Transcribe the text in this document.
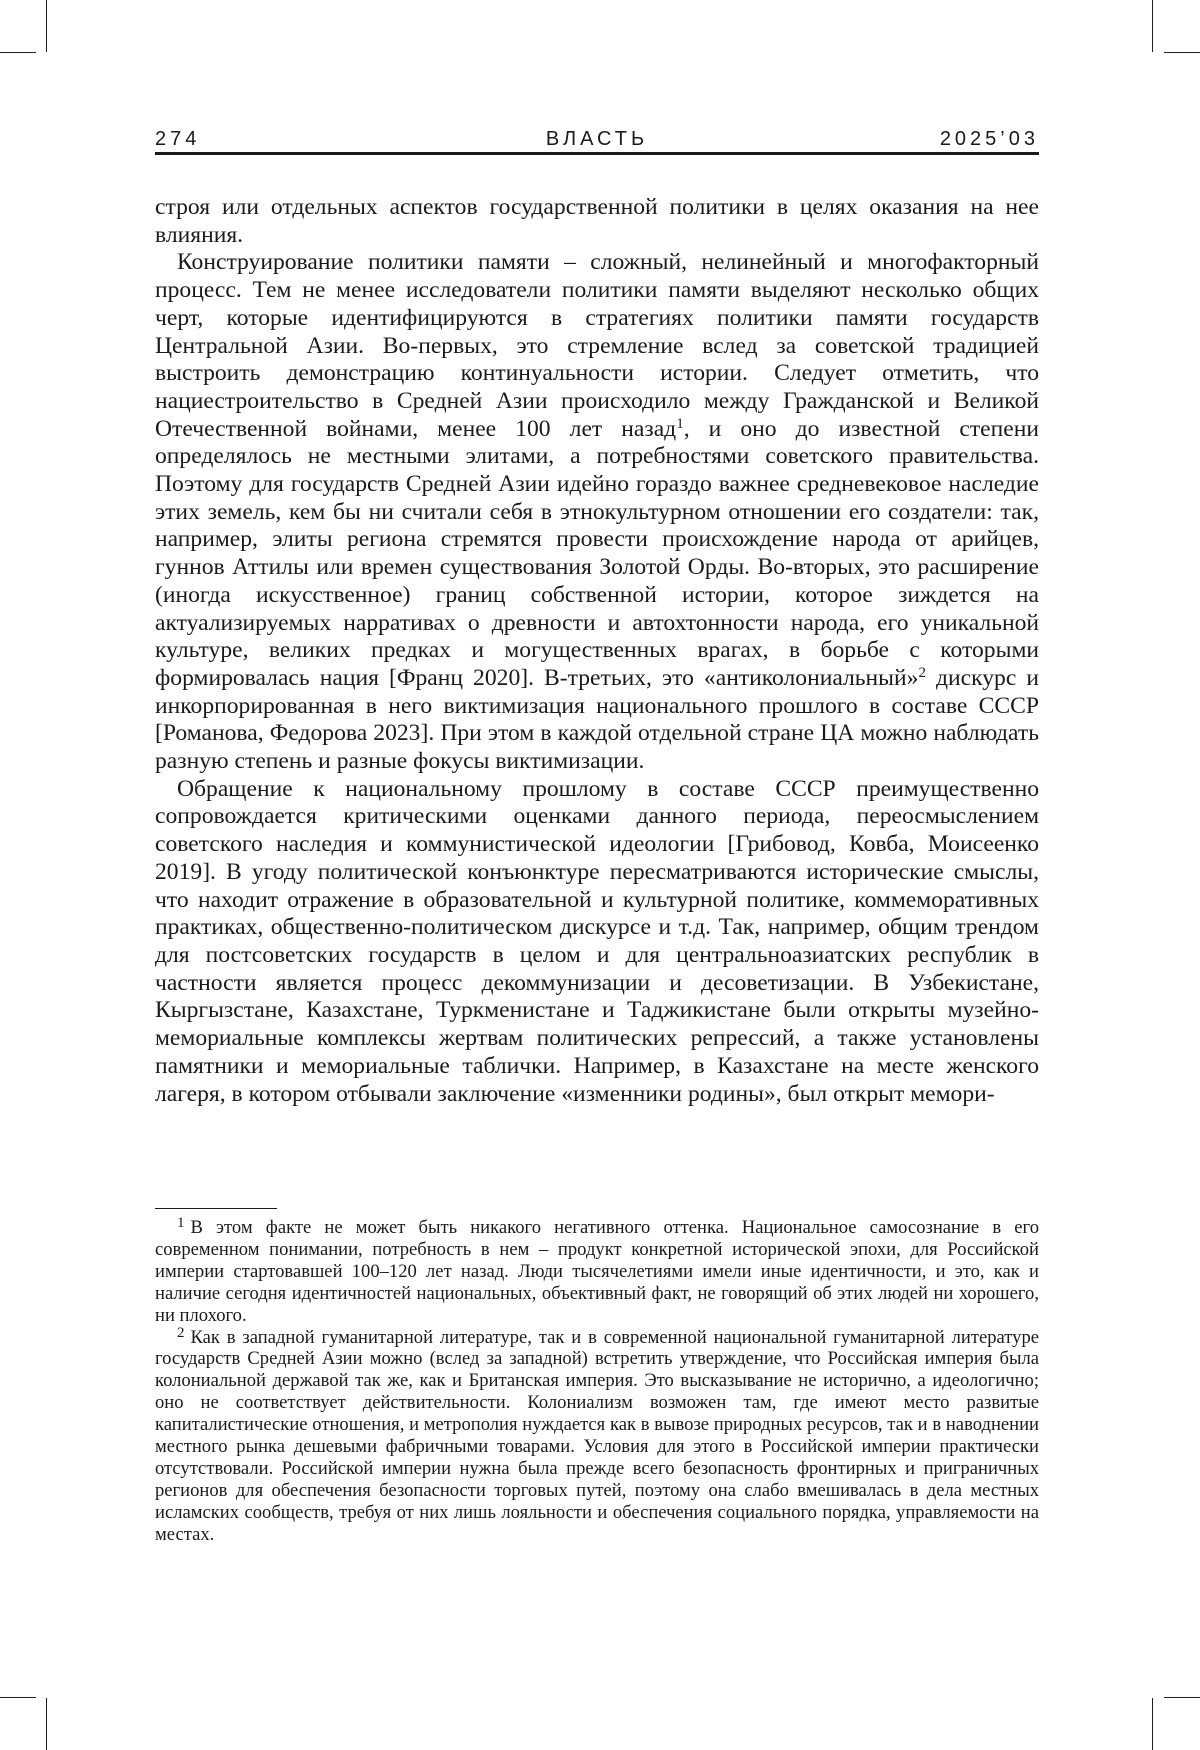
274	ВЛАСТЬ	2025’03

строя или отдельных аспектов государственной политики в целях оказания на нее влияния.

Конструирование политики памяти – сложный, нелинейный и многофакторный процесс. Тем не менее исследователи политики памяти выделяют несколько общих черт, которые идентифицируются в стратегиях политики памяти государств Центральной Азии. Во-первых, это стремление вслед за советской традицией выстроить демонстрацию континуальности истории. Следует отметить, что нациестроительство в Средней Азии происходило между Гражданской и Великой Отечественной войнами, менее 100 лет назад1, и оно до известной степени определялось не местными элитами, а потребностями советского правительства. Поэтому для государств Средней Азии идейно гораздо важнее средневековое наследие этих земель, кем бы ни считали себя в этнокультурном отношении его создатели: так, например, элиты региона стремятся провести происхождение народа от арийцев, гуннов Аттилы или времен существования Золотой Орды. Во-вторых, это расширение (иногда искусственное) границ собственной истории, которое зиждется на актуализируемых нарративах о древности и автохтонности народа, его уникальной культуре, великих предках и могущественных врагах, в борьбе с которыми формировалась нация [Франц 2020]. В-третьих, это «антиколониальный»2 дискурс и инкорпорированная в него виктимизация национального прошлого в составе СССР [Романова, Федорова 2023]. При этом в каждой отдельной стране ЦА можно наблюдать разную степень и разные фокусы виктимизации.

Обращение к национальному прошлому в составе СССР преимущественно сопровождается критическими оценками данного периода, переосмыслением советского наследия и коммунистической идеологии [Грибовод, Ковба, Моисеенко 2019]. В угоду политической конъюнктуре пересматриваются исторические смыслы, что находит отражение в образовательной и культурной политике, коммеморативных практиках, общественно-политическом дискурсе и т.д. Так, например, общим трендом для постсоветских государств в целом и для центральноазиатских республик в частности является процесс декоммунизации и десоветизации. В Узбекистане, Кыргызстане, Казахстане, Туркменистане и Таджикистане были открыты музейно-мемориальные комплексы жертвам политических репрессий, а также установлены памятники и мемориальные таблички. Например, в Казахстане на месте женского лагеря, в котором отбывали заключение «изменники родины», был открыт мемори-

1 В этом факте не может быть никакого негативного оттенка. Национальное самосознание в его современном понимании, потребность в нем – продукт конкретной исторической эпохи, для Российской империи стартовавшей 100–120 лет назад. Люди тысячелетиями имели иные идентичности, и это, как и наличие сегодня идентичностей национальных, объективный факт, не говорящий об этих людей ни хорошего, ни плохого.

2 Как в западной гуманитарной литературе, так и в современной национальной гуманитарной литературе государств Средней Азии можно (вслед за западной) встретить утверждение, что Российская империя была колониальной державой так же, как и Британская империя. Это высказывание не исторично, а идеологично; оно не соответствует действительности. Колониализм возможен там, где имеют место развитые капиталистические отношения, и метрополия нуждается как в вывозе природных ресурсов, так и в наводнении местного рынка дешевыми фабричными товарами. Условия для этого в Российской империи практически отсутствовали. Российской империи нужна была прежде всего безопасность фронтирных и приграничных регионов для обеспечения безопасности торговых путей, поэтому она слабо вмешивалась в дела местных исламских сообществ, требуя от них лишь лояльности и обеспечения социального порядка, управляемости на местах.
